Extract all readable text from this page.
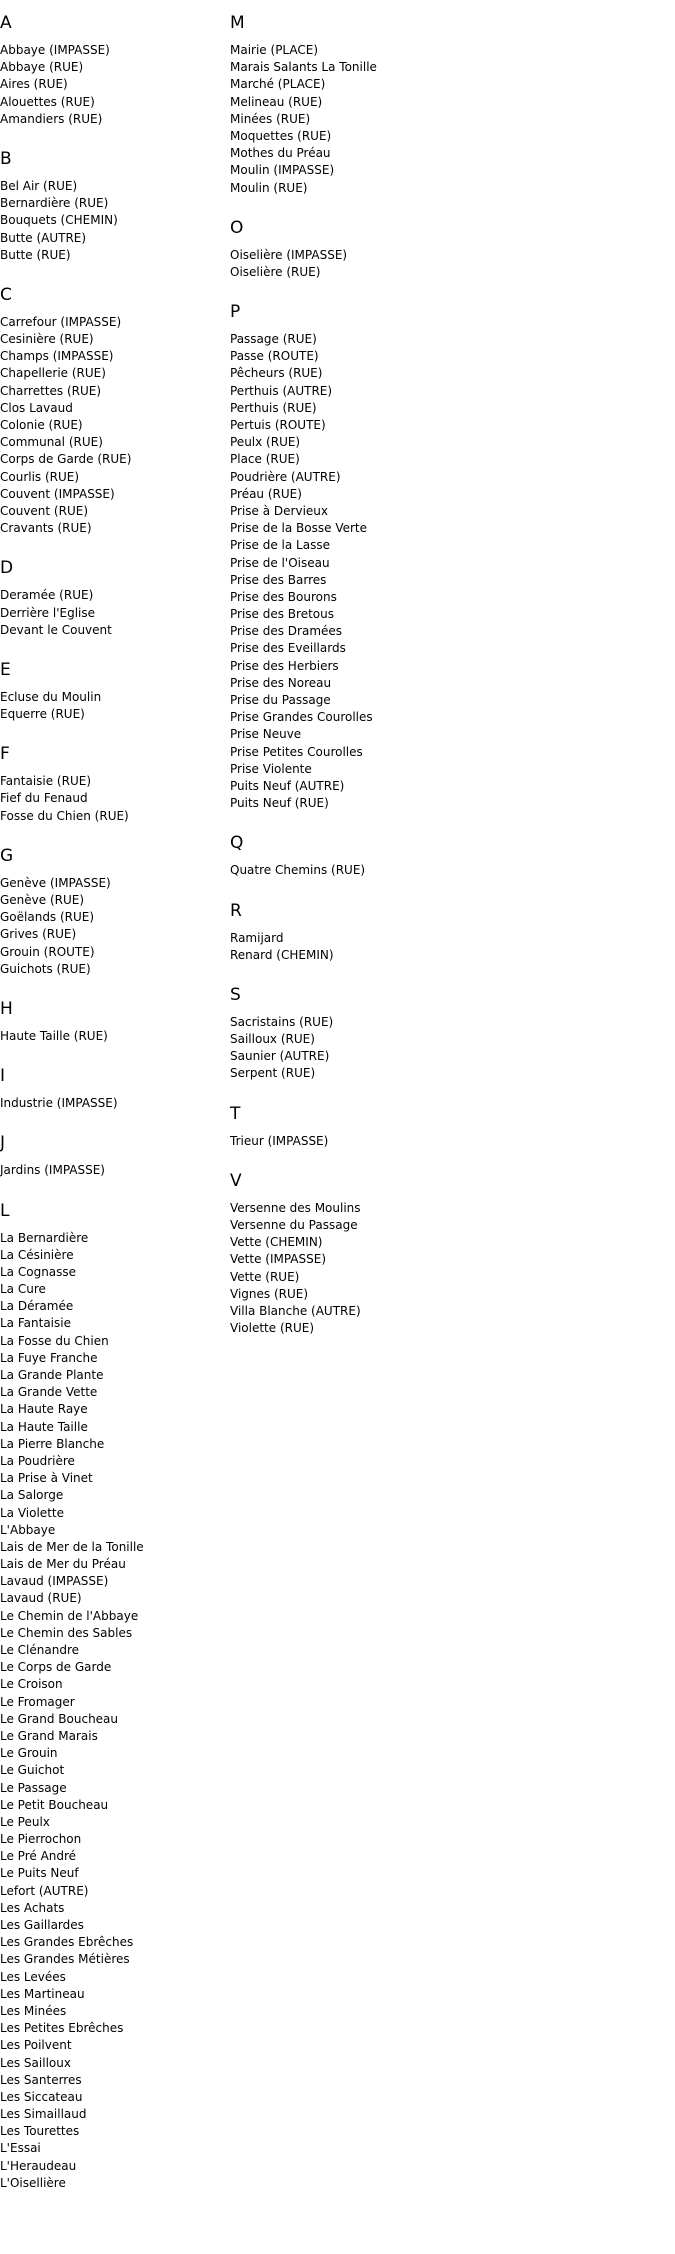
A
Abbaye (IMPASSE)
Abbaye (RUE)
Aires (RUE)
Alouettes (RUE)
Amandiers (RUE)
B
Bel Air (RUE)
Bernardière (RUE)
Bouquets (CHEMIN)
Butte (AUTRE)
Butte (RUE)
C
Carrefour (IMPASSE)
Cesinière (RUE)
Champs (IMPASSE)
Chapellerie (RUE)
Charrettes (RUE)
Clos Lavaud
Colonie (RUE)
Communal (RUE)
Corps de Garde (RUE)
Courlis (RUE)
Couvent (IMPASSE)
Couvent (RUE)
Cravants (RUE)
D
Deramée (RUE)
Derrière l'Eglise
Devant le Couvent
E
Ecluse du Moulin
Equerre (RUE)
F
Fantaisie (RUE)
Fief du Fenaud
Fosse du Chien (RUE)
G
Genève (IMPASSE)
Genève (RUE)
Goëlands (RUE)
Grives (RUE)
Grouin (ROUTE)
Guichots (RUE)
H
Haute Taille (RUE)
I
Industrie (IMPASSE)
J
Jardins (IMPASSE)
L
La Bernardière
La Césinière
La Cognasse
La Cure
La Déramée
La Fantaisie
La Fosse du Chien
La Fuye Franche
La Grande Plante
La Grande Vette
La Haute Raye
La Haute Taille
La Pierre Blanche
La Poudrière
La Prise à Vinet
La Salorge
La Violette
L'Abbaye
Lais de Mer de la Tonille
Lais de Mer du Préau
Lavaud (IMPASSE)
Lavaud (RUE)
Le Chemin de l'Abbaye
Le Chemin des Sables
Le Clénandre
Le Corps de Garde
Le Croison
Le Fromager
Le Grand Boucheau
Le Grand Marais
Le Grouin
Le Guichot
Le Passage
Le Petit Boucheau
Le Peulx
Le Pierrochon
Le Pré André
Le Puits Neuf
Lefort (AUTRE)
Les Achats
Les Gaillardes
Les Grandes Ebrêches
Les Grandes Métières
Les Levées
Les Martineau
Les Minées
Les Petites Ebrêches
Les Poilvent
Les Sailloux
Les Santerres
Les Siccateau
Les Simaillaud
Les Tourettes
L'Essai
L'Heraudeau
L'Oisellière
M
Mairie (PLACE)
Marais Salants La Tonille
Marché (PLACE)
Melineau (RUE)
Minées (RUE)
Moquettes (RUE)
Mothes du Préau
Moulin (IMPASSE)
Moulin (RUE)
O
Oiselière (IMPASSE)
Oiselière (RUE)
P
Passage (RUE)
Passe (ROUTE)
Pêcheurs (RUE)
Perthuis (AUTRE)
Perthuis (RUE)
Pertuis (ROUTE)
Peulx (RUE)
Place (RUE)
Poudrière (AUTRE)
Préau (RUE)
Prise à Dervieux
Prise de la Bosse Verte
Prise de la Lasse
Prise de l'Oiseau
Prise des Barres
Prise des Bourons
Prise des Bretous
Prise des Dramées
Prise des Eveillards
Prise des Herbiers
Prise des Noreau
Prise du Passage
Prise Grandes Courolles
Prise Neuve
Prise Petites Courolles
Prise Violente
Puits Neuf (AUTRE)
Puits Neuf (RUE)
Q
Quatre Chemins (RUE)
R
Ramijard
Renard (CHEMIN)
S
Sacristains (RUE)
Sailloux (RUE)
Saunier (AUTRE)
Serpent (RUE)
T
Trieur (IMPASSE)
V
Versenne des Moulins
Versenne du Passage
Vette (CHEMIN)
Vette (IMPASSE)
Vette (RUE)
Vignes (RUE)
Villa Blanche (AUTRE)
Violette (RUE)
